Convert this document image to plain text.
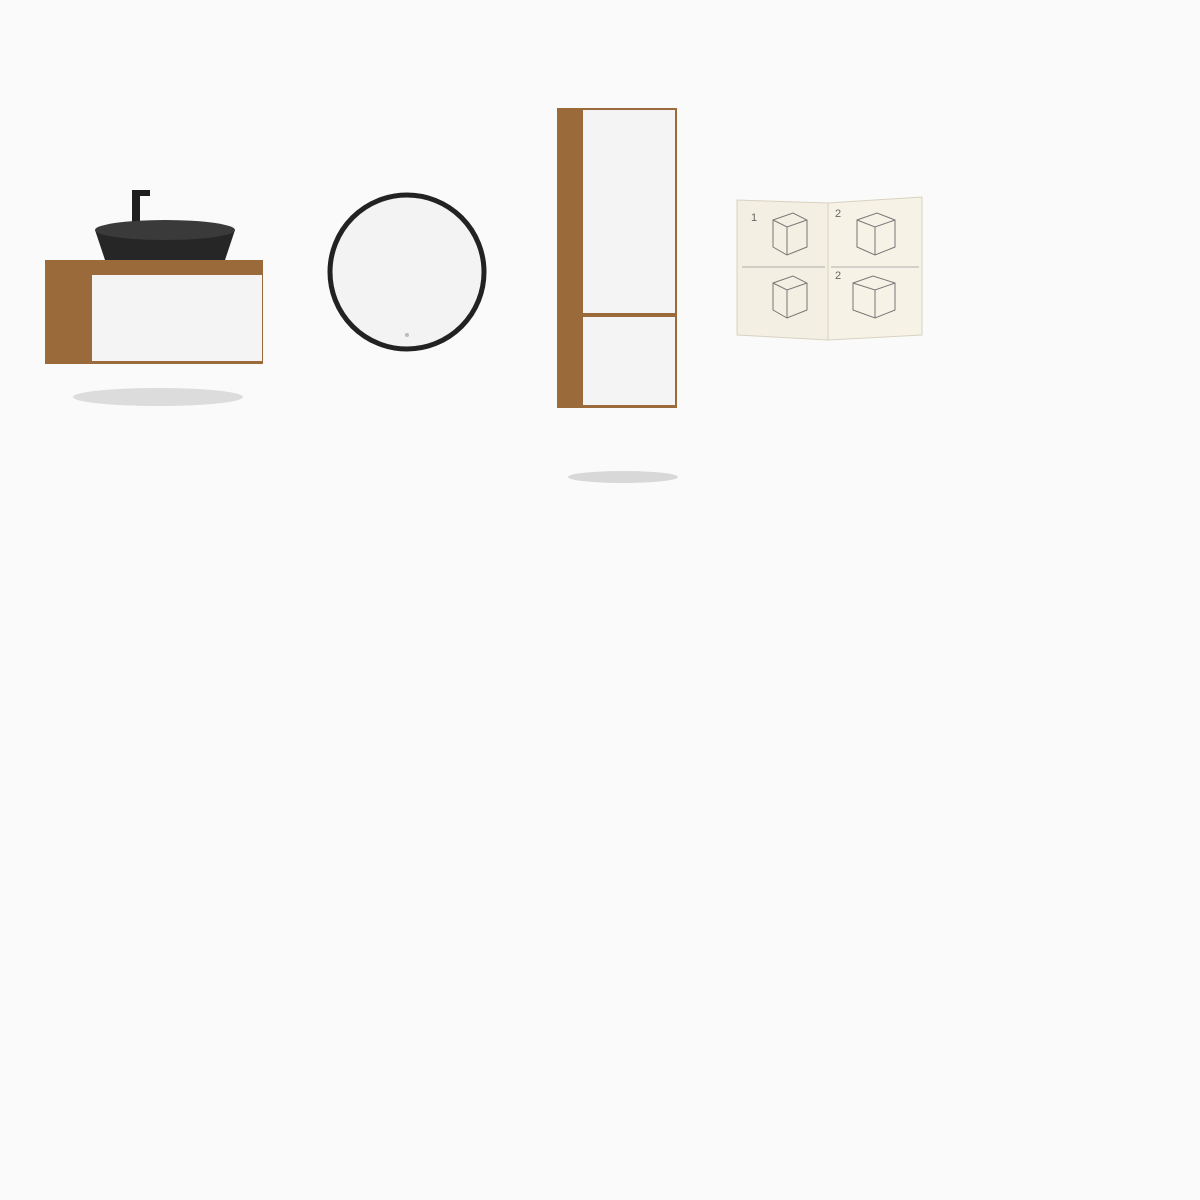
1	2
2
